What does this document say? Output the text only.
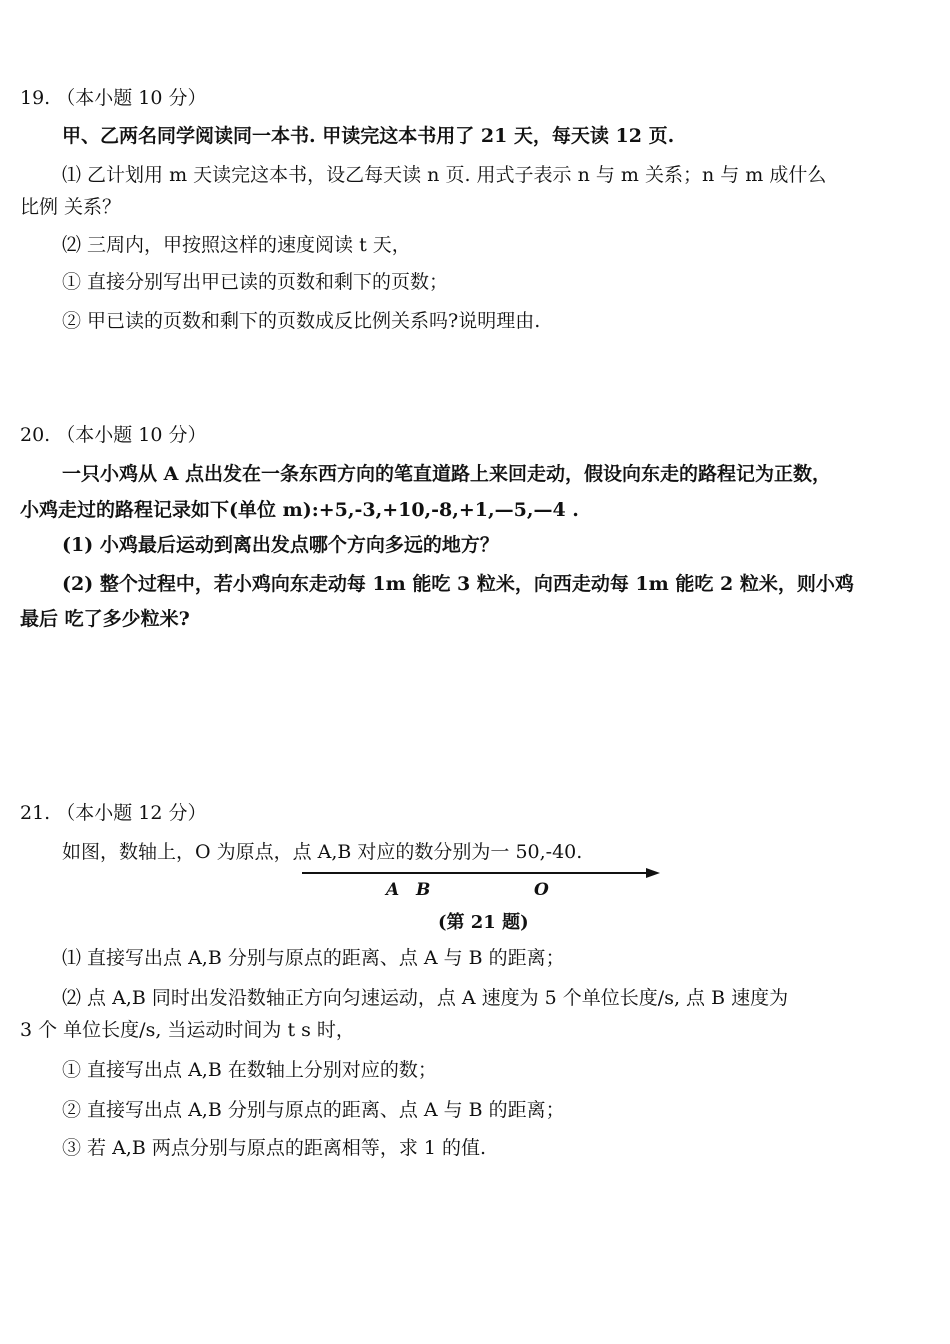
19. （本小题 10 分）
甲、乙两名同学阅读同一本书. 甲读完这本书用了 21 天，每天读 12 页.
⑴ 乙计划用 m 天读完这本书，设乙每天读 n 页. 用式子表示 n 与 m 关系；n 与 m 成什么
比例 关系？
⑵ 三周内，甲按照这样的速度阅读 t 天，
① 直接分别写出甲已读的页数和剩下的页数；
② 甲已读的页数和剩下的页数成反比例关系吗?说明理由.
20. （本小题 10 分）
一只小鸡从 A 点出发在一条东西方向的笔直道路上来回走动，假设向东走的路程记为正数，
小鸡走过的路程记录如下(单位 m):+5,-3,+10,-8,+1,—5,—4 .
(1) 小鸡最后运动到离出发点哪个方向多远的地方？
(2) 整个过程中，若小鸡向东走动每 1m 能吃 3 粒米，向西走动每 1m 能吃 2 粒米，则小鸡
最后 吃了多少粒米?
21. （本小题 12 分）
如图，数轴上，O 为原点，点 A,B 对应的数分别为一 50,-40.
A B	O
(第 21 题)
⑴ 直接写出点 A,B 分别与原点的距离、点 A 与 B 的距离；
⑵ 点 A,B 同时出发沿数轴正方向匀速运动，点 A 速度为 5 个单位长度/s, 点 B 速度为
3 个 单位长度/s, 当运动时间为 t s 时，
① 直接写出点 A,B 在数轴上分别对应的数；
② 直接写出点 A,B 分别与原点的距离、点 A 与 B 的距离；
③ 若 A,B 两点分别与原点的距离相等，求 1 的值.
